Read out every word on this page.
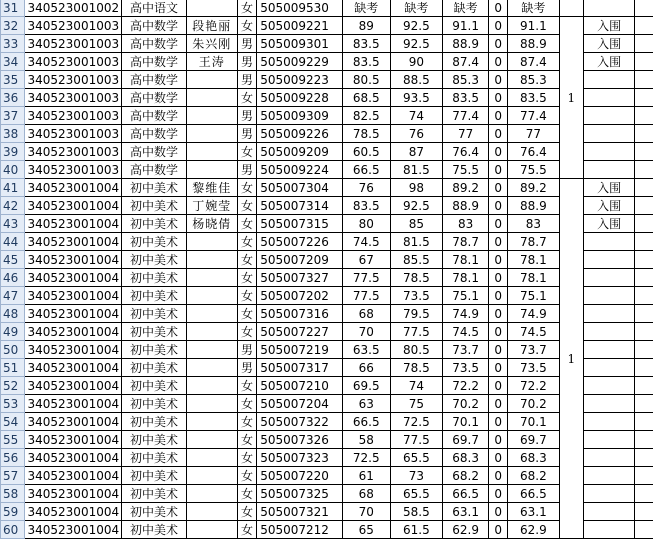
31	340523001002	高中语文		女	505009530	缺考	缺考	缺考	0	缺考			
32	340523001003	高中数学	段艳丽	女	505009221	89	92.5	91.1	0	91.1	1	入围	
33	340523001003	高中数学	朱兴刚	男	505009301	83.5	92.5	88.9	0	88.9		入围	
34	340523001003	高中数学	王涛	男	505009229	83.5	90	87.4	0	87.4		入围	
35	340523001003	高中数学		男	505009223	80.5	88.5	85.3	0	85.3			
36	340523001003	高中数学		女	505009228	68.5	93.5	83.5	0	83.5			
37	340523001003	高中数学		男	505009309	82.5	74	77.4	0	77.4			
38	340523001003	高中数学		男	505009226	78.5	76	77	0	77			
39	340523001003	高中数学		女	505009209	60.5	87	76.4	0	76.4			
40	340523001003	高中数学		男	505009224	66.5	81.5	75.5	0	75.5			
41	340523001004	初中美术	黎维佳	女	505007304	76	98	89.2	0	89.2	1	入围	
42	340523001004	初中美术	丁婉莹	女	505007314	83.5	92.5	88.9	0	88.9		入围	
43	340523001004	初中美术	杨晓倩	女	505007315	80	85	83	0	83		入围	
44	340523001004	初中美术		女	505007226	74.5	81.5	78.7	0	78.7			
45	340523001004	初中美术		女	505007209	67	85.5	78.1	0	78.1			
46	340523001004	初中美术		女	505007327	77.5	78.5	78.1	0	78.1			
47	340523001004	初中美术		女	505007202	77.5	73.5	75.1	0	75.1			
48	340523001004	初中美术		女	505007316	68	79.5	74.9	0	74.9			
49	340523001004	初中美术		女	505007227	70	77.5	74.5	0	74.5			
50	340523001004	初中美术		男	505007219	63.5	80.5	73.7	0	73.7			
51	340523001004	初中美术		男	505007317	66	78.5	73.5	0	73.5			
52	340523001004	初中美术		女	505007210	69.5	74	72.2	0	72.2			
53	340523001004	初中美术		女	505007204	63	75	70.2	0	70.2			
54	340523001004	初中美术		女	505007322	66.5	72.5	70.1	0	70.1			
55	340523001004	初中美术		女	505007326	58	77.5	69.7	0	69.7			
56	340523001004	初中美术		女	505007323	72.5	65.5	68.3	0	68.3			
57	340523001004	初中美术		女	505007220	61	73	68.2	0	68.2			
58	340523001004	初中美术		女	505007325	68	65.5	66.5	0	66.5			
59	340523001004	初中美术		女	505007321	70	58.5	63.1	0	63.1			
60	340523001004	初中美术		女	505007212	65	61.5	62.9	0	62.9			
